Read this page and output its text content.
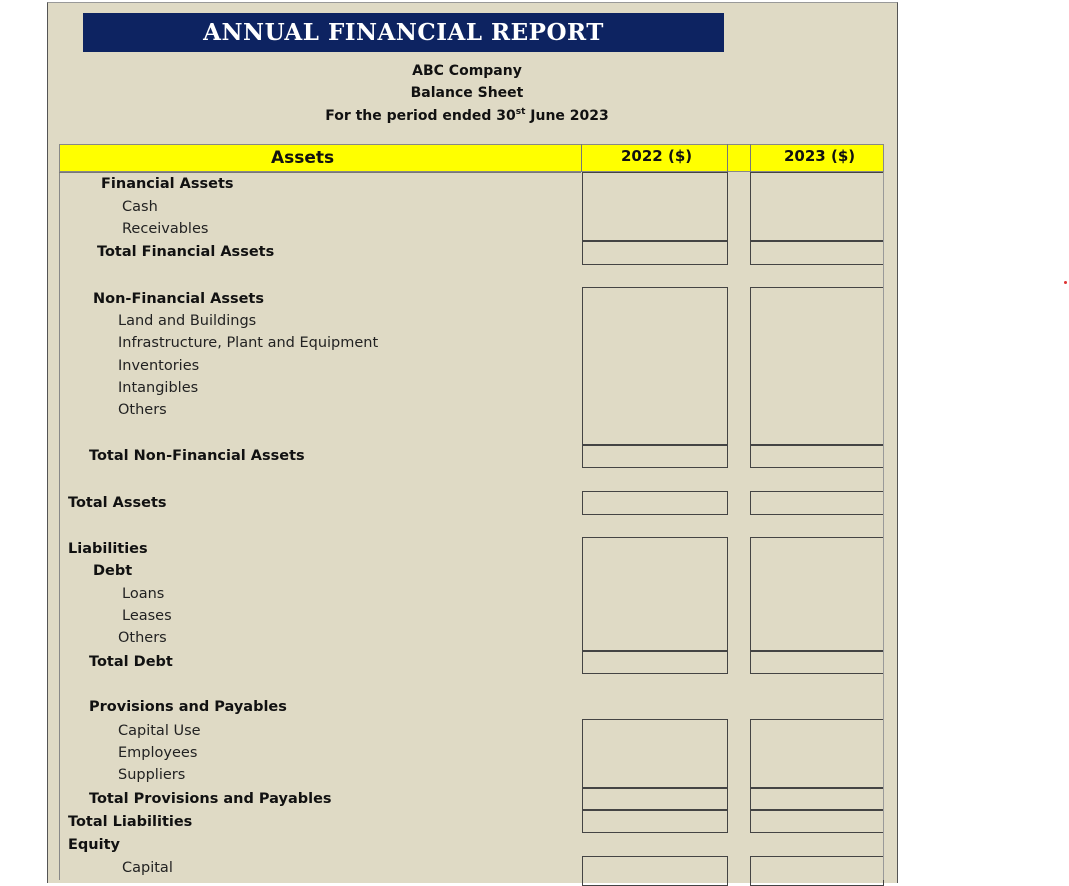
ANNUAL FINANCIAL REPORT
ABC Company
Balance Sheet
For the period ended 30st June 2023
Assets	2022 ($)	2023 ($)
Financial Assets
Cash
Receivables
Total Financial Assets
Non-Financial Assets
Land and Buildings
Infrastructure, Plant and Equipment
Inventories
Intangibles
Others
Total Non-Financial Assets
Total Assets
Liabilities
Debt
Loans
Leases
Others
Total Debt
Provisions and Payables
Capital Use
Employees
Suppliers
Total Provisions and Payables
Total Liabilities
Equity
Capital
